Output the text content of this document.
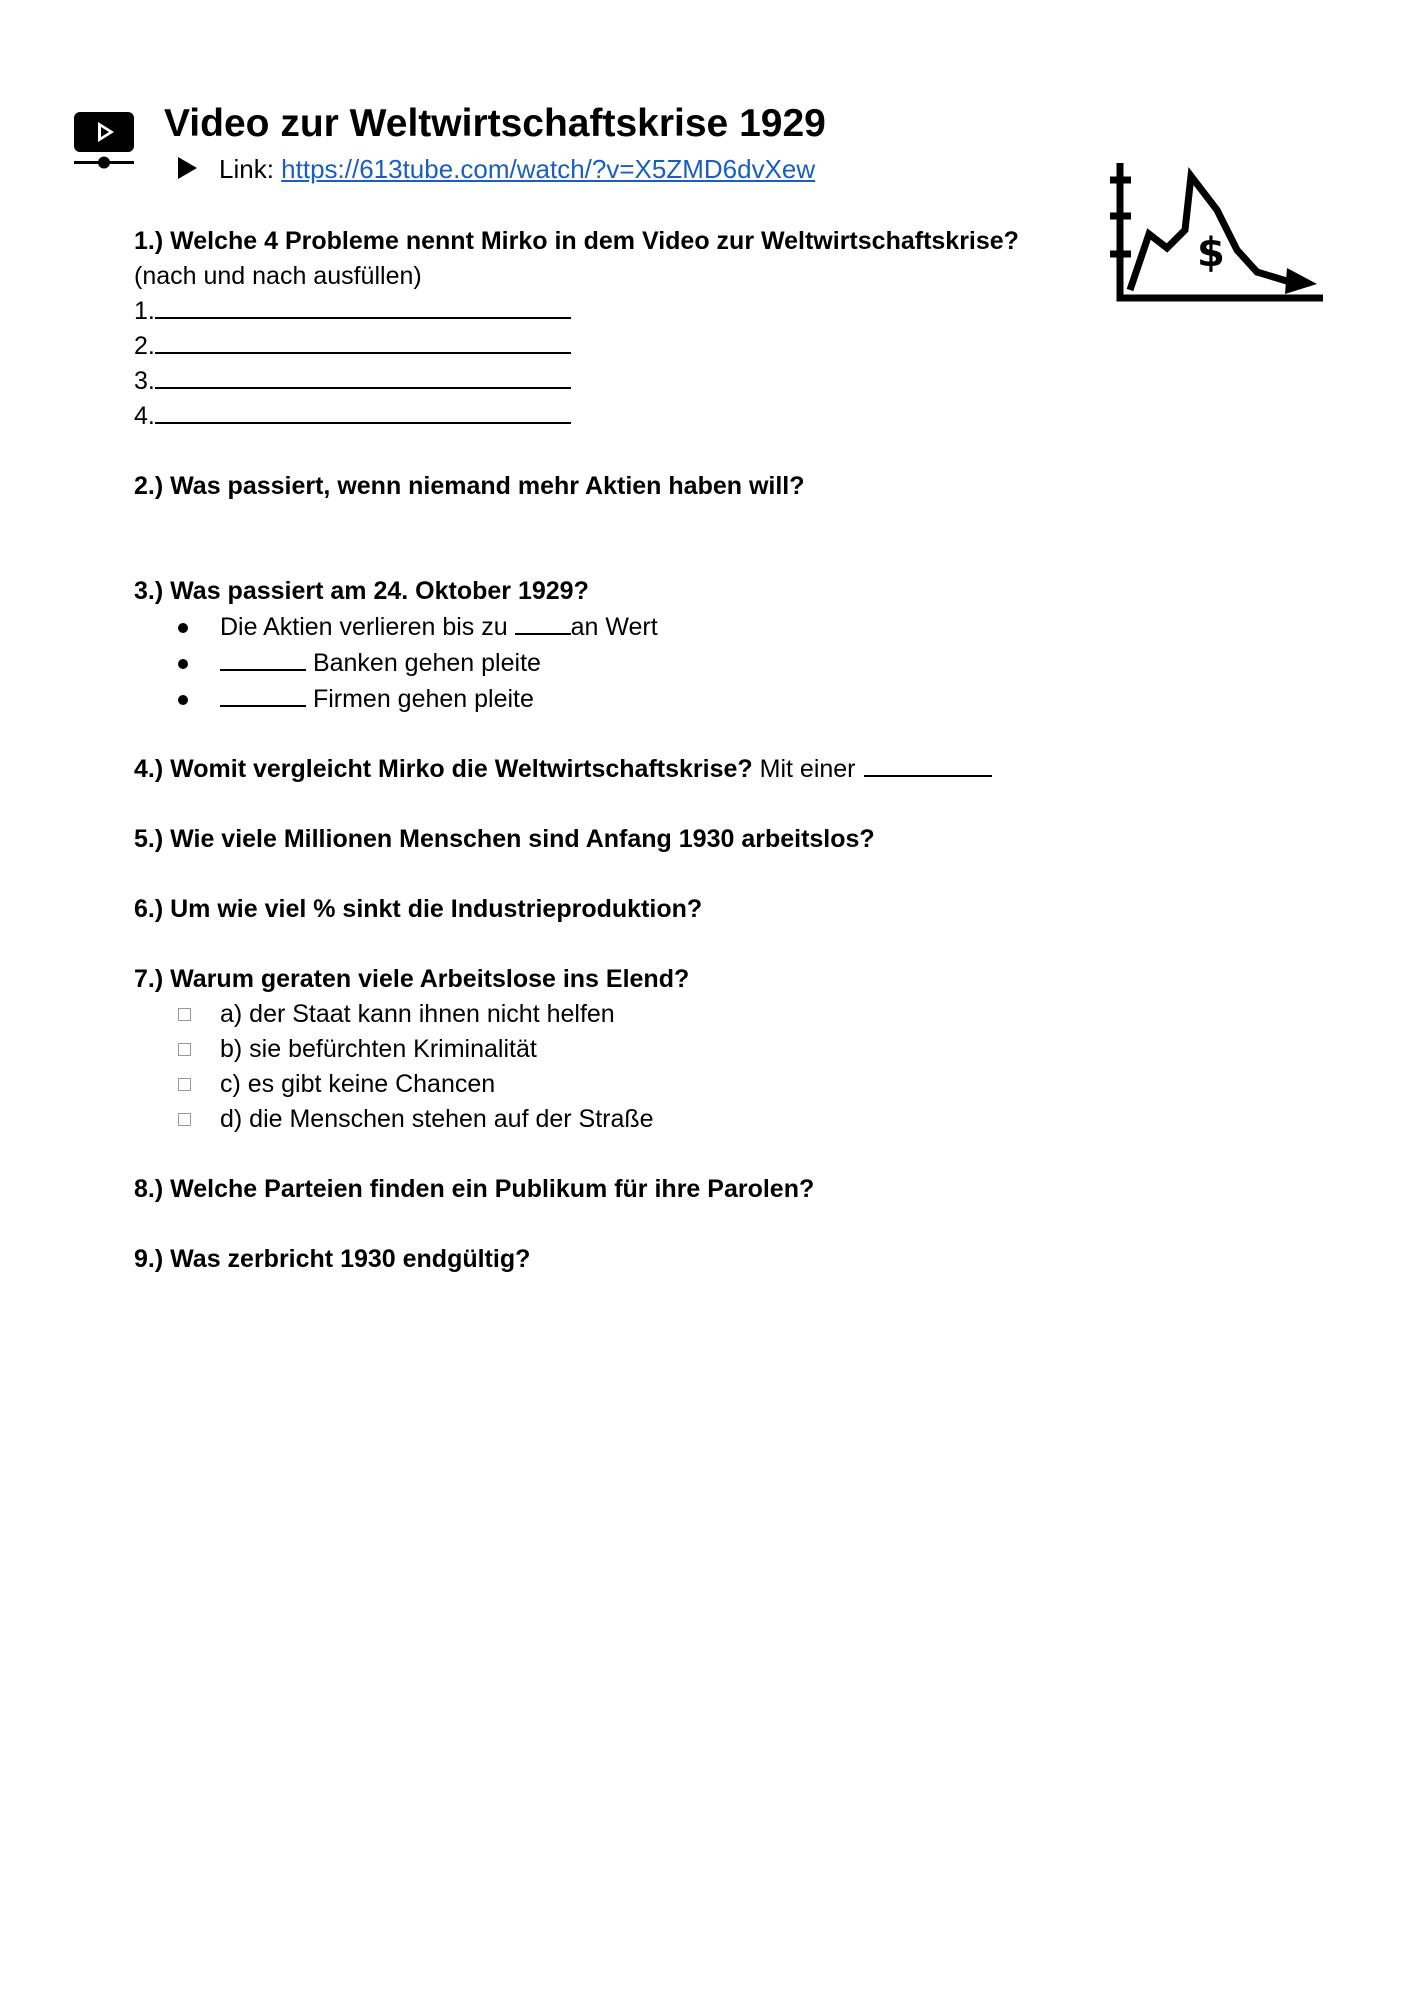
Video zur Weltwirtschaftskrise 1929
Link: https://613tube.com/watch/?v=X5ZMD6dvXew
$
1.) Welche 4 Probleme nennt Mirko in dem Video zur Weltwirtschaftskrise?
(nach und nach ausfüllen)
1.
2.
3.
4.
2.) Was passiert, wenn niemand mehr Aktien haben will?
3.) Was passiert am 24. Oktober 1929?
Die Aktien verlieren bis zu an Wert
Banken gehen pleite
Firmen gehen pleite
4.) Womit vergleicht Mirko die Weltwirtschaftskrise? Mit einer
5.) Wie viele Millionen Menschen sind Anfang 1930 arbeitslos?
6.) Um wie viel % sinkt die Industrieproduktion?
7.) Warum geraten viele Arbeitslose ins Elend?
a) der Staat kann ihnen nicht helfen
b) sie befürchten Kriminalität
c) es gibt keine Chancen
d) die Menschen stehen auf der Straße
8.) Welche Parteien finden ein Publikum für ihre Parolen?
9.) Was zerbricht 1930 endgültig?
